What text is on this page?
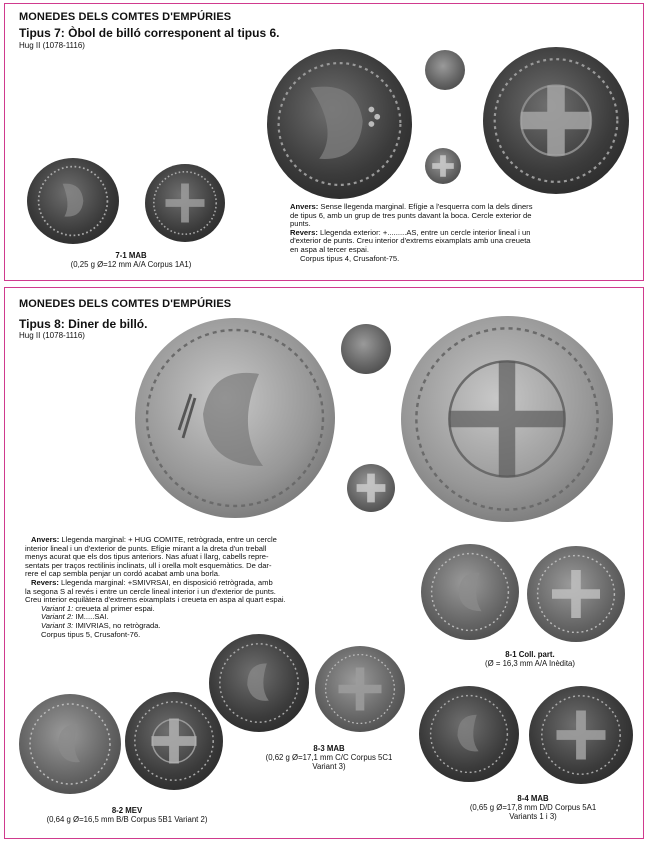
MONEDES DELS COMTES D'EMPÚRIES
Tipus 7: Òbol de billó corresponent al tipus 6.
Hug II (1078-1116)
Anvers: Sense llegenda marginal. Efígie a l'esquerra com la dels diners
de tipus 6, amb un grup de tres punts davant la boca. Cercle exterior de
punts.
Revers: Llegenda exterior: +.........AS, entre un cercle interior lineal i un
d'exterior de punts. Creu interior d'extrems eixamplats amb una creueta
en aspa al tercer espai.
Corpus tipus 4, Crusafont-75.
7-1 MAB
(0,25 g Ø=12 mm A/A Corpus 1A1)
MONEDES DELS COMTES D'EMPÚRIES
Tipus 8: Diner de billó.
Hug II (1078-1116)
Anvers: Llegenda marginal: + HUG COMITE, retrògrada, entre un cercle
interior lineal i un d'exterior de punts. Efígie mirant a la dreta d'un treball
menys acurat que els dos tipus anteriors. Nas afuat i llarg, cabells repre-
sentats per traços rectilinis inclinats, ull i orella molt esquemàtics. De dar-
rere el cap sembla penjar un cordó acabat amb una borla.
Revers: Llegenda marginal: +SMIVRSAI, en disposició retrògrada, amb
la segona S al revés i entre un cercle lineal interior i un d'exterior de punts.
Creu interior equilàtera d'extrems eixamplats i creueta en aspa al quart espai.
Variant 1: creueta al primer espai.
Variant 2: IM.....SAI.
Variant 3: IMIVRIAS, no retrògrada.
Corpus tipus 5, Crusafont-76.
8-1 Coll. part.
(Ø = 16,3 mm A/A Inèdita)
8-3 MAB
(0,62 g Ø=17,1 mm C/C Corpus 5C1
Variant 3)
8-2 MEV
(0,64 g Ø=16,5 mm B/B Corpus 5B1 Variant 2)
8-4 MAB
(0,65 g Ø=17,8 mm D/D Corpus 5A1
Variants 1 i 3)
